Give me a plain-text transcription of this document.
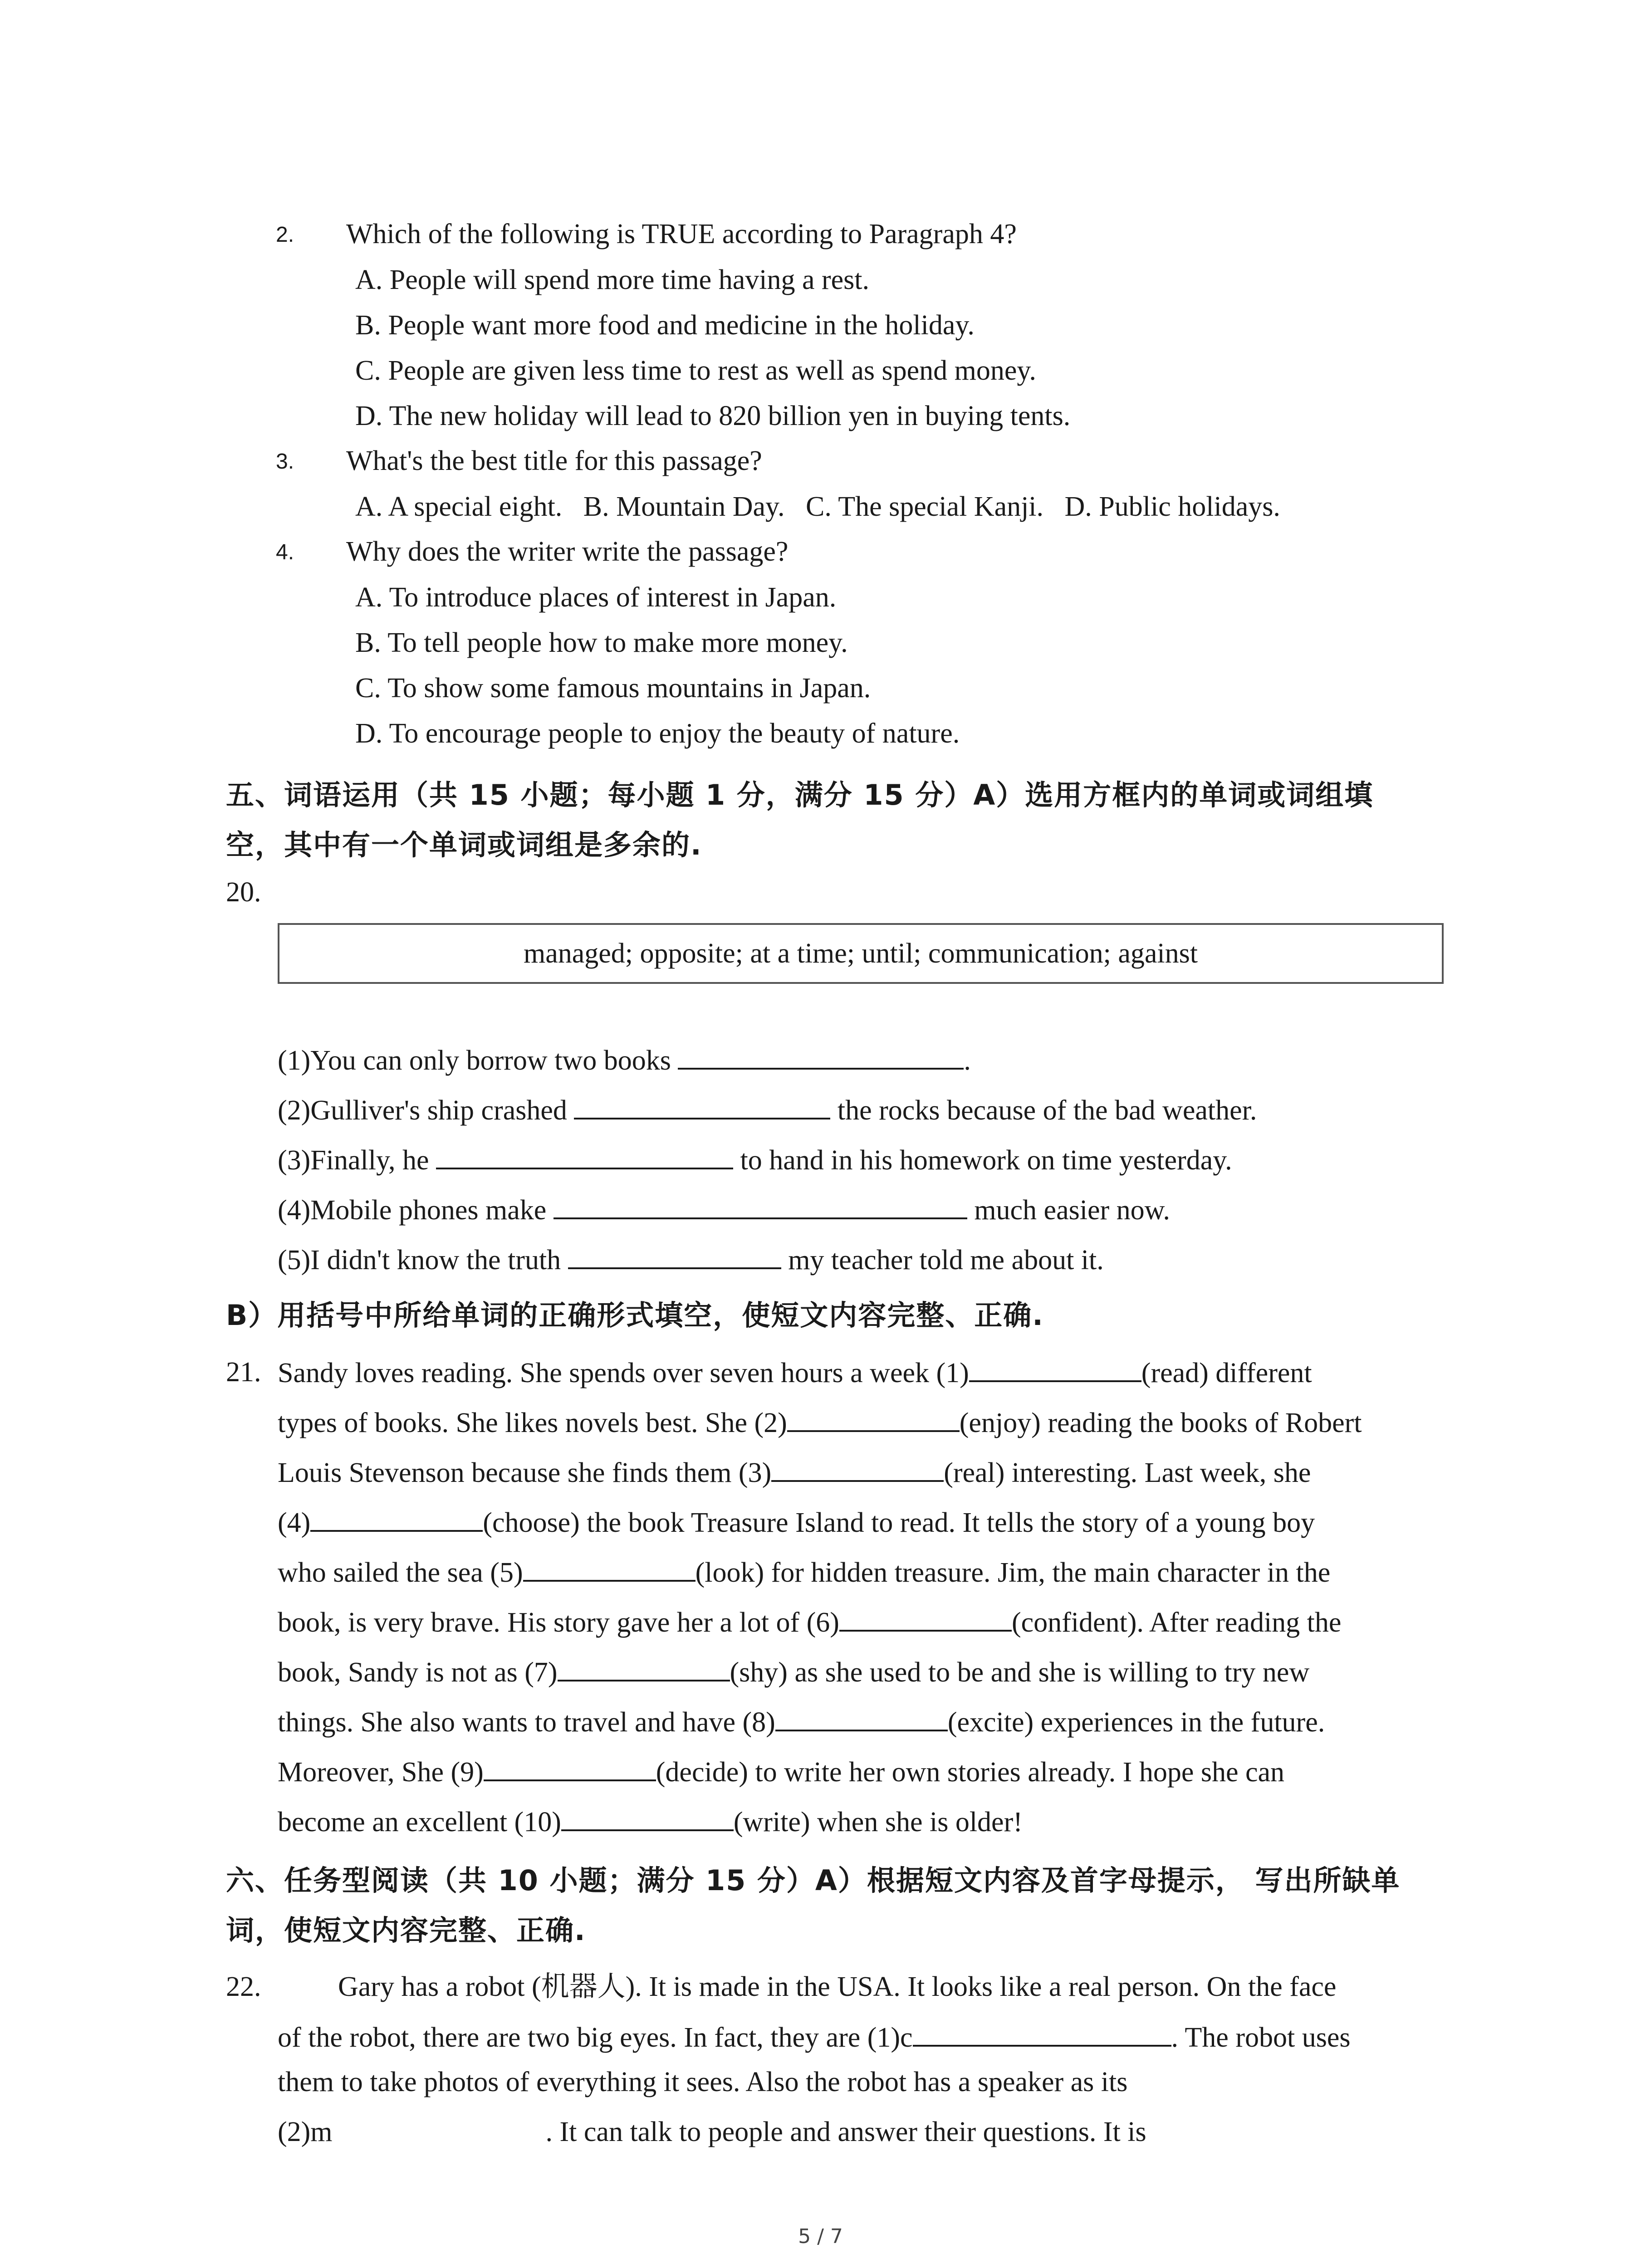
2. Which of the following is TRUE according to Paragraph 4?
A. People will spend more time having a rest.
B. People want more food and medicine in the holiday.
C. People are given less time to rest as well as spend money.
D. The new holiday will lead to 820 billion yen in buying tents.
3. What's the best title for this passage?
A. A special eight.   B. Mountain Day.   C. The special Kanji.   D. Public holidays.
4. Why does the writer write the passage?
A. To introduce places of interest in Japan.
B. To tell people how to make more money.
C. To show some famous mountains in Japan.
D. To encourage people to enjoy the beauty of nature.
五、词语运用（共 15 小题；每小题 1 分，满分 15 分）A）选用方框内的单词或词组填
空，其中有一个单词或词组是多余的.
20.
managed; opposite; at a time; until; communication; against
(1)You can only borrow two books	.
(2)Gulliver's ship crashed	the rocks because of the bad weather.
(3)Finally, he	to hand in his homework on time yesterday.
(4)Mobile phones make	much easier now.
(5)I didn't know the truth	my teacher told me about it.
B）用括号中所给单词的正确形式填空，使短文内容完整、正确.
21. Sandy loves reading. She spends over seven hours a week (1)	(read) different
types of books. She likes novels best. She (2)	(enjoy) reading the books of Robert
Louis Stevenson because she finds them (3)	(real) interesting. Last week, she
(4)	(choose) the book Treasure Island to read. It tells the story of a young boy
who sailed the sea (5)	(look) for hidden treasure. Jim, the main character in the
book, is very brave. His story gave her a lot of (6)	(confident). After reading the
book, Sandy is not as (7)	(shy) as she used to be and she is willing to try new
things. She also wants to travel and have (8)	(excite) experiences in the future.
Moreover, She (9)	(decide) to write her own stories already. I hope she can
become an excellent (10)	(write) when she is older!
六、任务型阅读（共 10 小题；满分 15 分）A）根据短文内容及首字母提示， 写出所缺单
词，使短文内容完整、正确.
22.	Gary has a robot (机器人). It is made in the USA. It looks like a real person. On the face
of the robot, there are two big eyes. In fact, they are (1)c	. The robot uses
them to take photos of everything it sees. Also the robot has a speaker as its
(2)m	. It can talk to people and answer their questions. It is
5 / 7
